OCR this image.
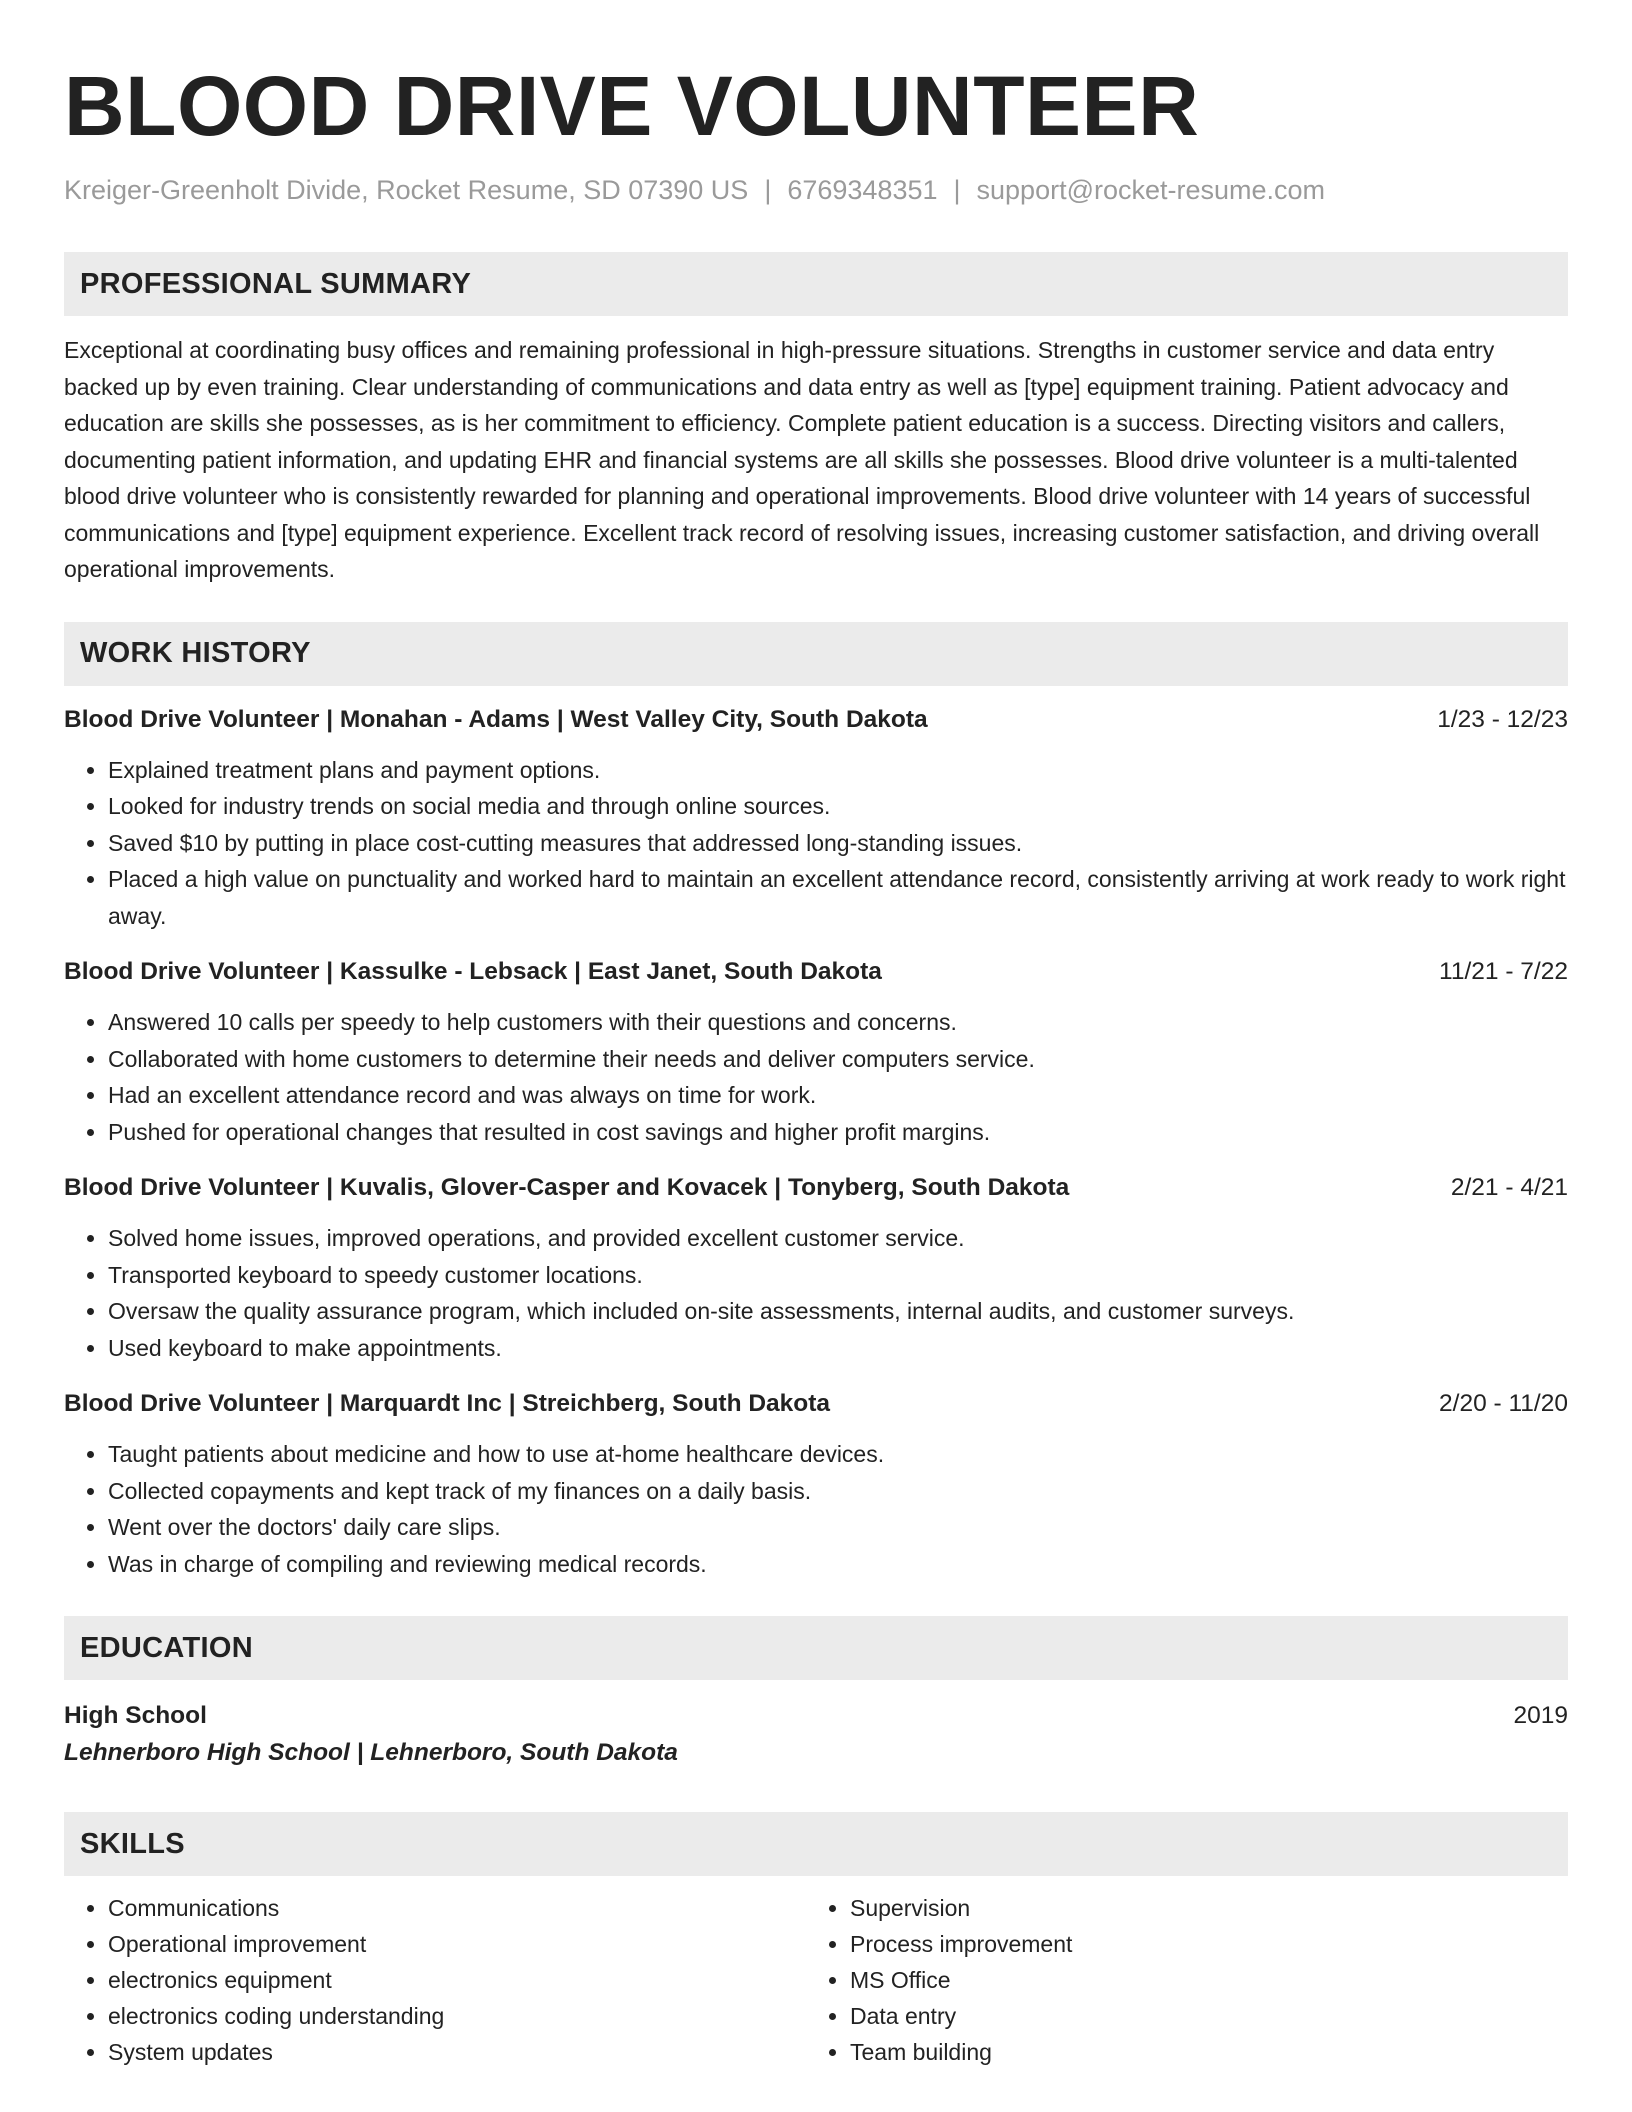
BLOOD DRIVE VOLUNTEER
Kreiger-Greenholt Divide, Rocket Resume, SD 07390 US | 6769348351 | support@rocket-resume.com
PROFESSIONAL SUMMARY

Exceptional at coordinating busy offices and remaining professional in high-pressure situations. Strengths in customer service and data entry backed up by even training. Clear understanding of communications and data entry as well as [type] equipment training. Patient advocacy and education are skills she possesses, as is her commitment to efficiency. Complete patient education is a success. Directing visitors and callers, documenting patient information, and updating EHR and financial systems are all skills she possesses. Blood drive volunteer is a multi-talented blood drive volunteer who is consistently rewarded for planning and operational improvements. Blood drive volunteer with 14 years of successful communications and [type] equipment experience. Excellent track record of resolving issues, increasing customer satisfaction, and driving overall operational improvements.

WORK HISTORY
Blood Drive Volunteer | Monahan - Adams | West Valley City, South Dakota	1/23 - 12/23
• Explained treatment plans and payment options.
• Looked for industry trends on social media and through online sources.
• Saved $10 by putting in place cost-cutting measures that addressed long-standing issues.
• Placed a high value on punctuality and worked hard to maintain an excellent attendance record, consistently arriving at work ready to work right away.
Blood Drive Volunteer | Kassulke - Lebsack | East Janet, South Dakota	11/21 - 7/22
• Answered 10 calls per speedy to help customers with their questions and concerns.
• Collaborated with home customers to determine their needs and deliver computers service.
• Had an excellent attendance record and was always on time for work.
• Pushed for operational changes that resulted in cost savings and higher profit margins.
Blood Drive Volunteer | Kuvalis, Glover-Casper and Kovacek | Tonyberg, South Dakota	2/21 - 4/21
• Solved home issues, improved operations, and provided excellent customer service.
• Transported keyboard to speedy customer locations.
• Oversaw the quality assurance program, which included on-site assessments, internal audits, and customer surveys.
• Used keyboard to make appointments.
Blood Drive Volunteer | Marquardt Inc | Streichberg, South Dakota	2/20 - 11/20
• Taught patients about medicine and how to use at-home healthcare devices.
• Collected copayments and kept track of my finances on a daily basis.
• Went over the doctors' daily care slips.
• Was in charge of compiling and reviewing medical records.
EDUCATION
High School	2019
Lehnerboro High School | Lehnerboro, South Dakota
SKILLS
• Communications
• Operational improvement
• electronics equipment
• electronics coding understanding
• System updates
• Supervision
• Process improvement
• MS Office
• Data entry
• Team building
